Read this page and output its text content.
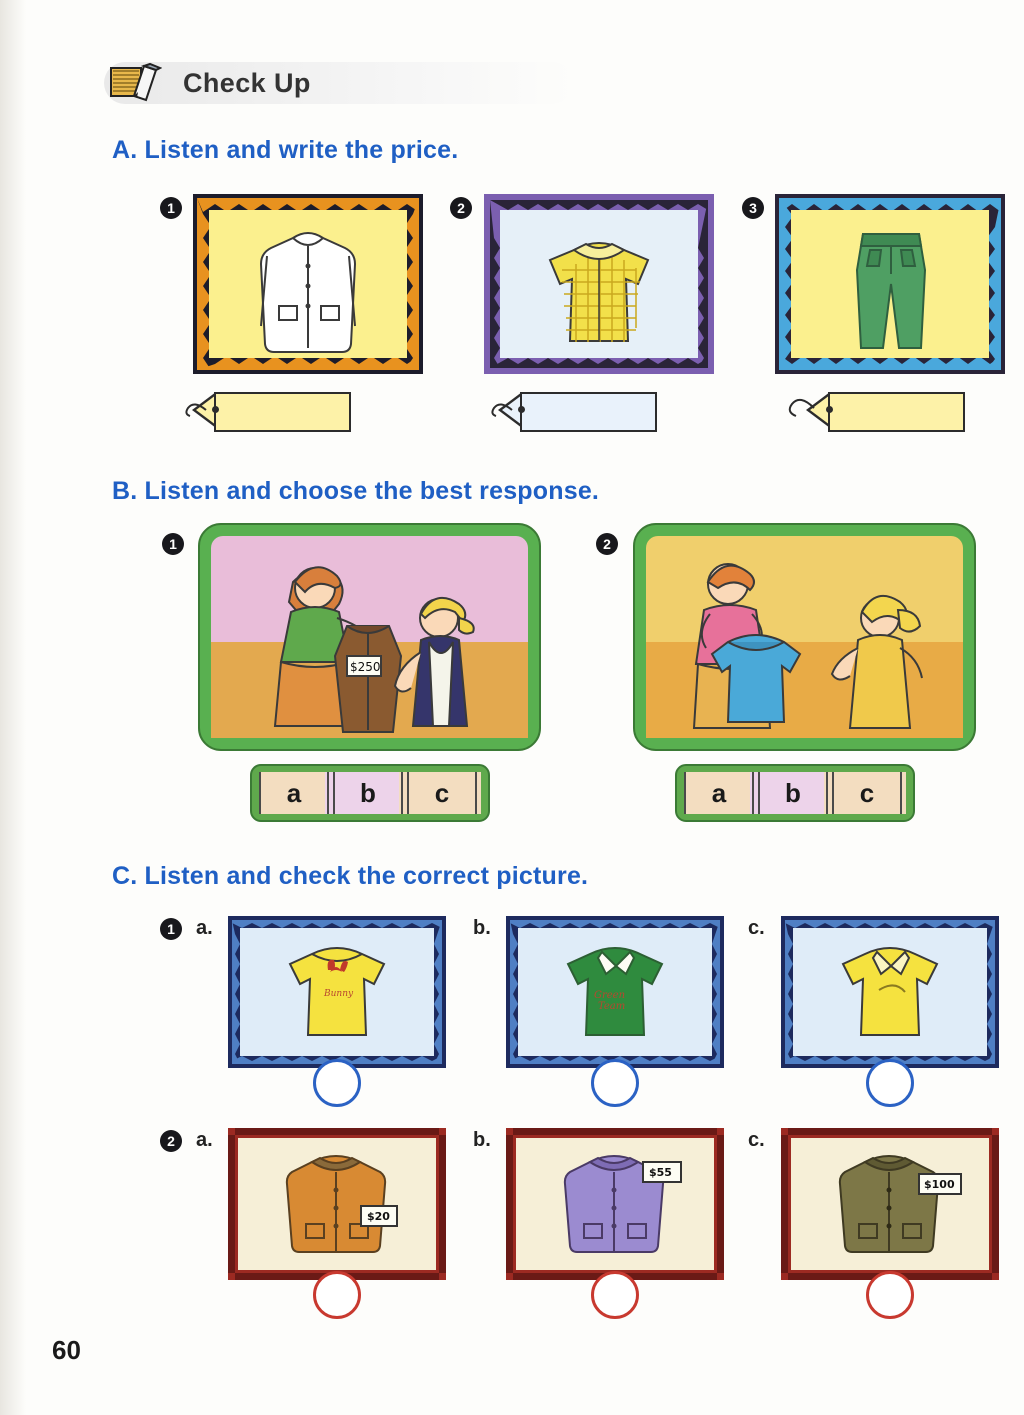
Check Up
A. Listen and write the price.
1	2	3
B. Listen and choose the best response.
1
$250
a	b	c
2
a	b	c
C. Listen and check the correct picture.
1	a.
Bunny
b.
Green
Team
c.
2	a.
$20
b.
$55
c.
$100
60
